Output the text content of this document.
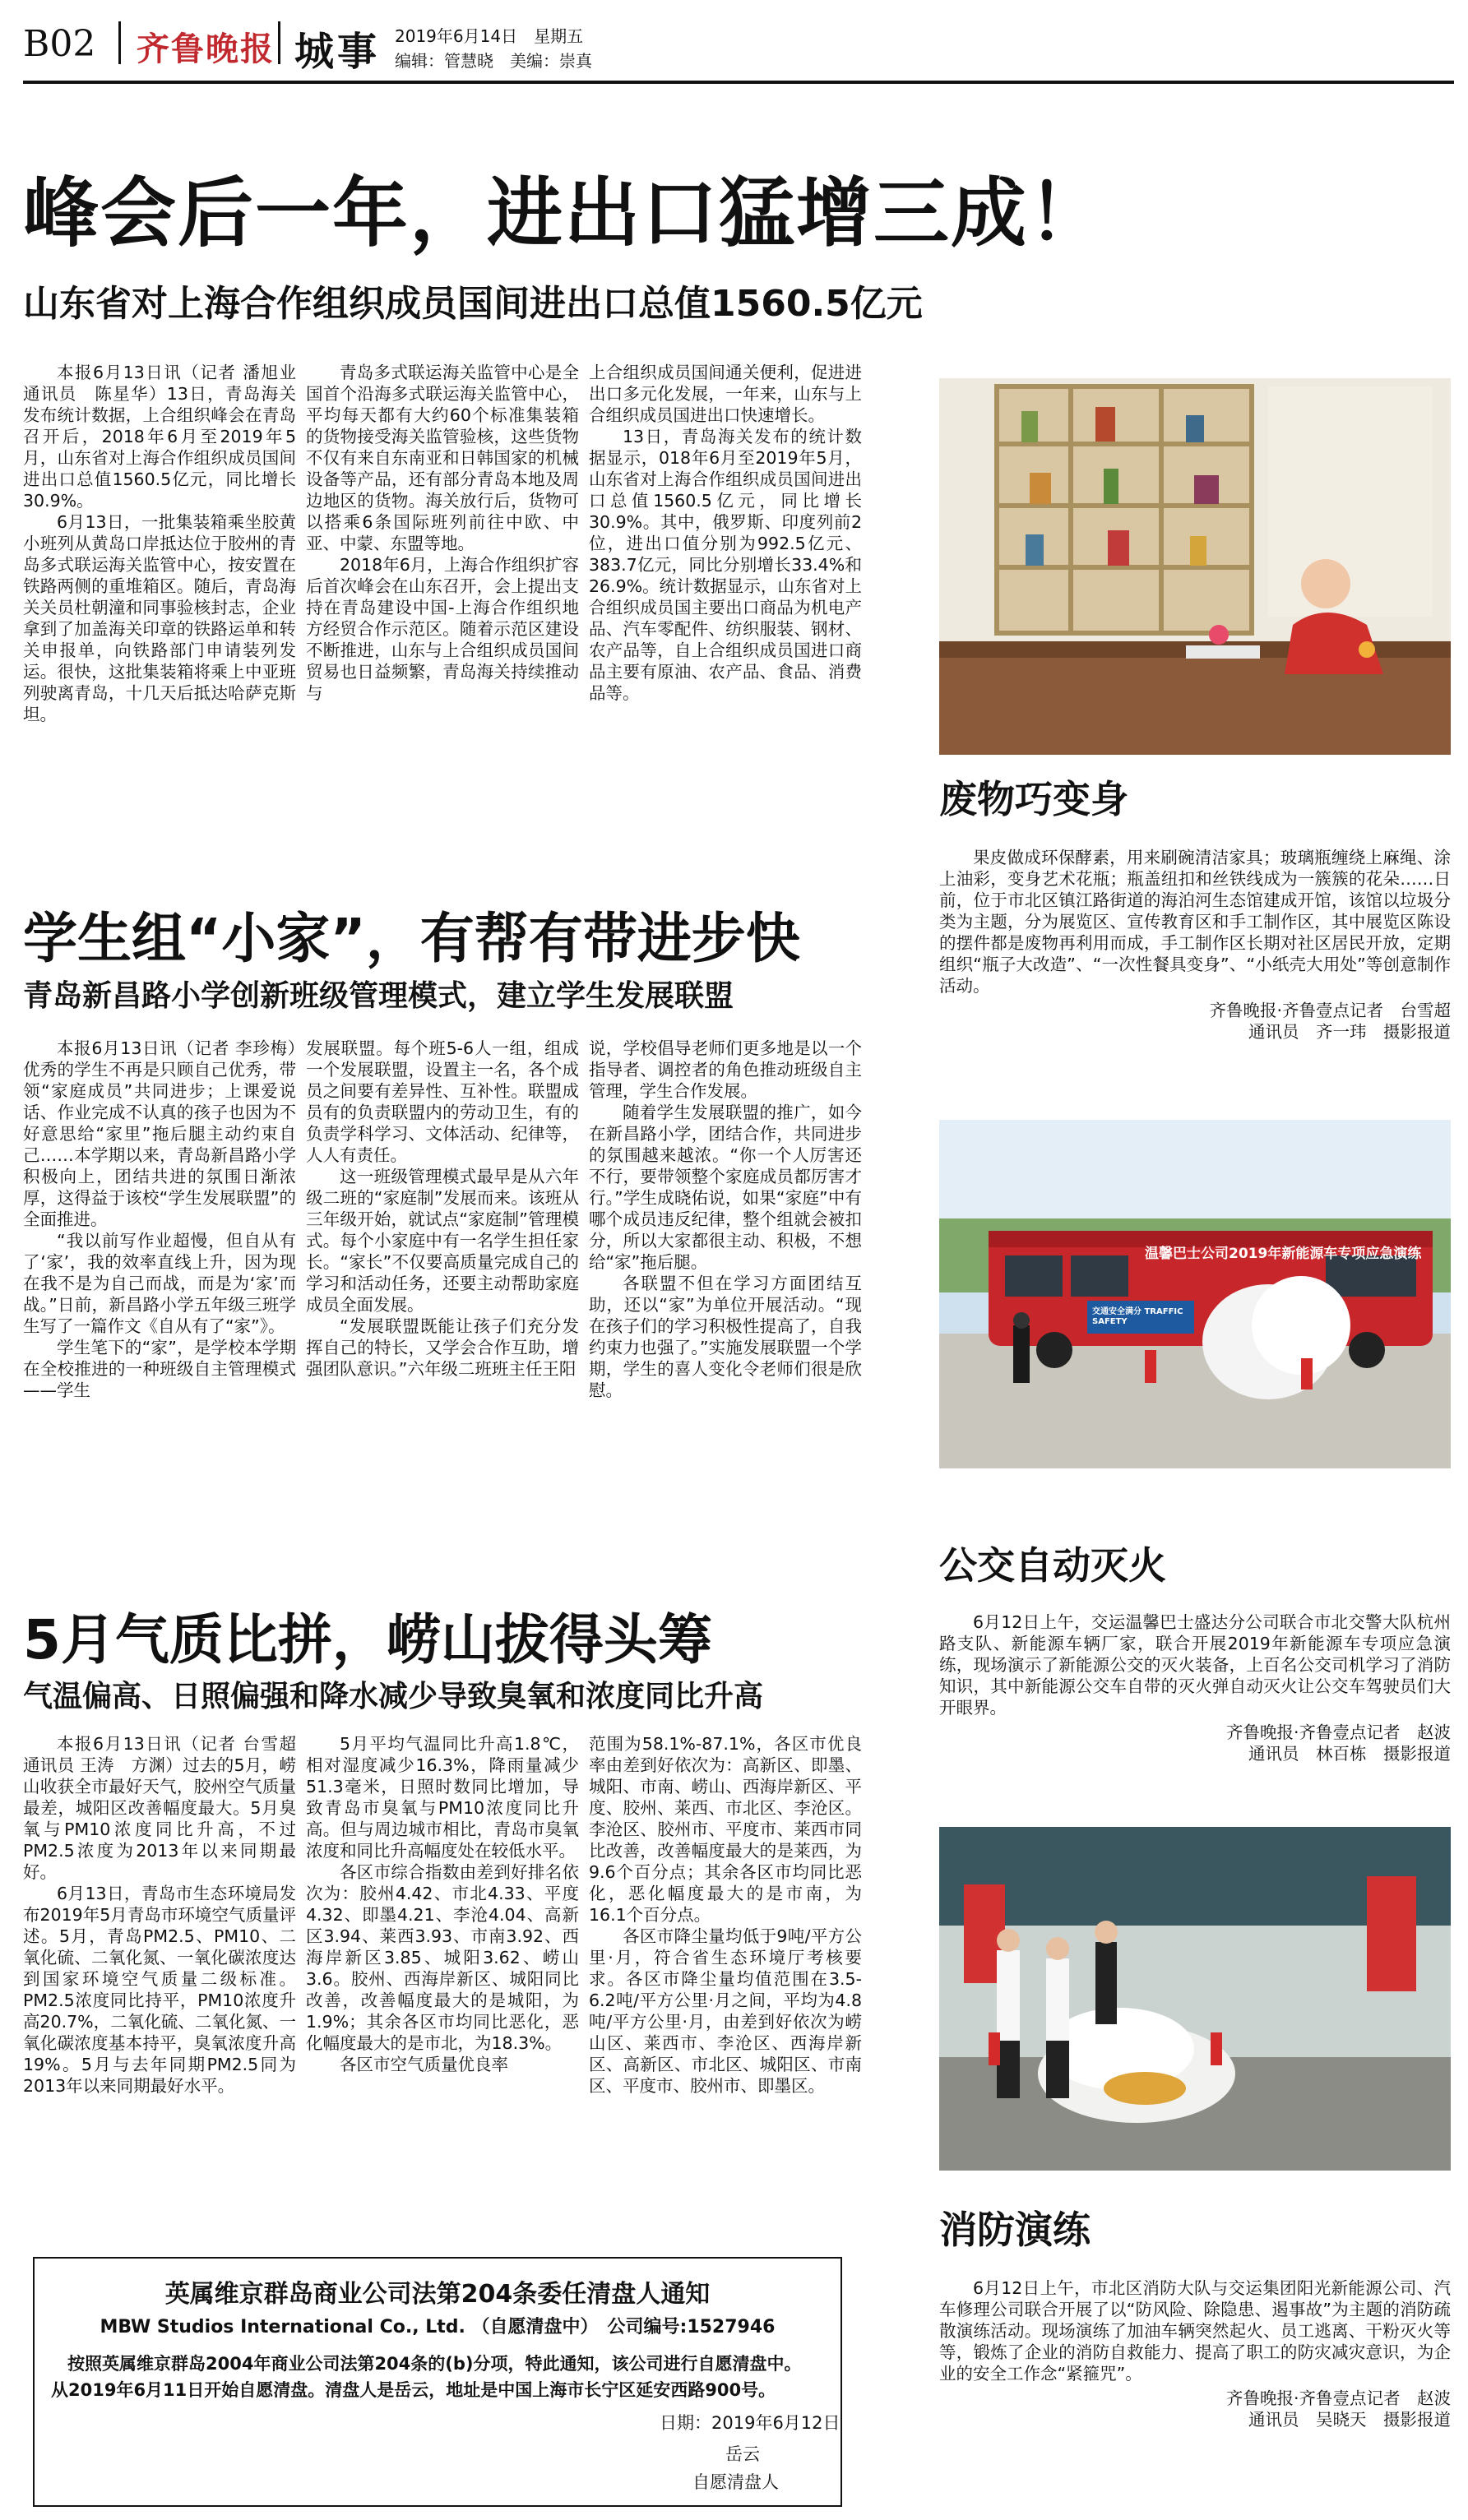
B02 齐鲁晚报 城事 2019年6月14日　星期五
编辑：管慧晓　美编：崇真
峰会后一年，进出口猛增三成！
山东省对上海合作组织成员国间进出口总值1560.5亿元

本报6月13日讯（记者 潘旭业　通讯员　陈星华）13日，青岛海关发布统计数据，上合组织峰会在青岛召开后，2018年6月至2019年5月，山东省对上海合作组织成员国间进出口总值1560.5亿元，同比增长30.9%。

6月13日，一批集装箱乘坐胶黄小班列从黄岛口岸抵达位于胶州的青岛多式联运海关监管中心，按安置在铁路两侧的重堆箱区。随后，青岛海关关员杜朝潼和同事验核封志，企业拿到了加盖海关印章的铁路运单和转关申报单，向铁路部门申请装列发运。很快，这批集装箱将乘上中亚班列驶离青岛，十几天后抵达哈萨克斯坦。

青岛多式联运海关监管中心是全国首个沿海多式联运海关监管中心，平均每天都有大约60个标准集装箱的货物接受海关监管验核，这些货物不仅有来自东南亚和日韩国家的机械设备等产品，还有部分青岛本地及周边地区的货物。海关放行后，货物可以搭乘6条国际班列前往中欧、中亚、中蒙、东盟等地。

2018年6月，上海合作组织扩容后首次峰会在山东召开，会上提出支持在青岛建设中国-上海合作组织地方经贸合作示范区。随着示范区建设不断推进，山东与上合组织成员国间贸易也日益频繁，青岛海关持续推动与

上合组织成员国间通关便利，促进进出口多元化发展，一年来，山东与上合组织成员国进出口快速增长。

13日，青岛海关发布的统计数据显示，018年6月至2019年5月，山东省对上海合作组织成员国间进出口总值1560.5亿元，同比增长30.9%。其中，俄罗斯、印度列前2位，进出口值分别为992.5亿元、383.7亿元，同比分别增长33.4%和26.9%。统计数据显示，山东省对上合组织成员国主要出口商品为机电产品、汽车零配件、纺织服装、钢材、农产品等，自上合组织成员国进口商品主要有原油、农产品、食品、消费品等。

学生组“小家”，有帮有带进步快
青岛新昌路小学创新班级管理模式，建立学生发展联盟

本报6月13日讯（记者 李珍梅）优秀的学生不再是只顾自己优秀，带领“家庭成员”共同进步；上课爱说话、作业完成不认真的孩子也因为不好意思给“家里”拖后腿主动约束自己……本学期以来，青岛新昌路小学积极向上，团结共进的氛围日渐浓厚，这得益于该校“学生发展联盟”的全面推进。

“我以前写作业超慢，但自从有了‘家’，我的效率直线上升，因为现在我不是为自己而战，而是为‘家’而战。”日前，新昌路小学五年级三班学生写了一篇作文《自从有了“家”》。

学生笔下的“家”，是学校本学期在全校推进的一种班级自主管理模式——学生

发展联盟。每个班5-6人一组，组成一个发展联盟，设置主一名，各个成员之间要有差异性、互补性。联盟成员有的负责联盟内的劳动卫生，有的负责学科学习、文体活动、纪律等，人人有责任。

这一班级管理模式最早是从六年级二班的“家庭制”发展而来。该班从三年级开始，就试点“家庭制”管理模式。每个小家庭中有一名学生担任家长。“家长”不仅要高质量完成自己的学习和活动任务，还要主动帮助家庭成员全面发展。

“发展联盟既能让孩子们充分发挥自己的特长，又学会合作互助，增强团队意识。”六年级二班班主任王阳

说，学校倡导老师们更多地是以一个指导者、调控者的角色推动班级自主管理，学生合作发展。

随着学生发展联盟的推广，如今在新昌路小学，团结合作，共同进步的氛围越来越浓。“你一个人厉害还不行，要带领整个家庭成员都厉害才行。”学生成晓佑说，如果“家庭”中有哪个成员违反纪律，整个组就会被扣分，所以大家都很主动、积极，不想给“家”拖后腿。

各联盟不但在学习方面团结互助，还以“家”为单位开展活动。“现在孩子们的学习积极性提高了，自我约束力也强了。”实施发展联盟一个学期，学生的喜人变化令老师们很是欣慰。

5月气质比拼，崂山拔得头筹
气温偏高、日照偏强和降水减少导致臭氧和浓度同比升高

本报6月13日讯（记者 台雪超　通讯员 王涛　方渊）过去的5月，崂山收获全市最好天气，胶州空气质量最差，城阳区改善幅度最大。5月臭氧与PM10浓度同比升高，不过PM2.5浓度为2013年以来同期最好。

6月13日，青岛市生态环境局发布2019年5月青岛市环境空气质量评述。5月，青岛PM2.5、PM10、二氧化硫、二氧化氮、一氧化碳浓度达到国家环境空气质量二级标准。PM2.5浓度同比持平，PM10浓度升高20.7%，二氧化硫、二氧化氮、一氧化碳浓度基本持平，臭氧浓度升高19%。5月与去年同期PM2.5同为2013年以来同期最好水平。

5月平均气温同比升高1.8℃，相对湿度减少16.3%，降雨量减少51.3毫米，日照时数同比增加，导致青岛市臭氧与PM10浓度同比升高。但与周边城市相比，青岛市臭氧浓度和同比升高幅度处在较低水平。

各区市综合指数由差到好排名依次为：胶州4.42、市北4.33、平度4.32、即墨4.21、李沧4.04、高新区3.94、莱西3.93、市南3.92、西海岸新区3.85、城阳3.62、崂山3.6。胶州、西海岸新区、城阳同比改善，改善幅度最大的是城阳，为1.9%；其余各区市均同比恶化，恶化幅度最大的是市北，为18.3%。

各区市空气质量优良率

范围为58.1%-87.1%，各区市优良率由差到好依次为：高新区、即墨、城阳、市南、崂山、西海岸新区、平度、胶州、莱西、市北区、李沧区。李沧区、胶州市、平度市、莱西市同比改善，改善幅度最大的是莱西，为9.6个百分点；其余各区市均同比恶化，恶化幅度最大的是市南，为16.1个百分点。

各区市降尘量均低于9吨/平方公里·月，符合省生态环境厅考核要求。各区市降尘量均值范围在3.5-6.2吨/平方公里·月之间，平均为4.8吨/平方公里·月，由差到好依次为崂山区、莱西市、李沧区、西海岸新区、高新区、市北区、城阳区、市南区、平度市、胶州市、即墨区。

英属维京群岛商业公司法第204条委任清盘人通知
MBW Studios International Co., Ltd. （自愿清盘中）　公司编号:1527946
按照英属维京群岛2004年商业公司法第204条的(b)分项，特此通知，该公司进行自愿清盘中。
从2019年6月11日开始自愿清盘。清盘人是岳云，地址是中国上海市长宁区延安西路900号。
日期：2019年6月12日
岳云
自愿清盘人
废物巧变身

果皮做成环保酵素，用来刷碗清洁家具；玻璃瓶缠绕上麻绳、涂上油彩，变身艺术花瓶；瓶盖纽扣和丝铁线成为一簇簇的花朵……日前，位于市北区镇江路街道的海泊河生态馆建成开馆，该馆以垃圾分类为主题，分为展览区、宣传教育区和手工制作区，其中展览区陈设的摆件都是废物再利用而成，手工制作区长期对社区居民开放，定期组织“瓶子大改造”、“一次性餐具变身”、“小纸壳大用处”等创意制作活动。

齐鲁晚报·齐鲁壹点记者　台雪超

通讯员　齐一玮　摄影报道

温馨巴士公司2019年新能源车专项应急演练
交通安全满分 TRAFFIC SAFETY
公交自动灭火

6月12日上午，交运温馨巴士盛达分公司联合市北交警大队杭州路支队、新能源车辆厂家，联合开展2019年新能源车专项应急演练，现场演示了新能源公交的灭火装备，上百名公交司机学习了消防知识，其中新能源公交车自带的灭火弹自动灭火让公交车驾驶员们大开眼界。

齐鲁晚报·齐鲁壹点记者　赵波

通讯员　林百栋　摄影报道

消防演练

6月12日上午，市北区消防大队与交运集团阳光新能源公司、汽车修理公司联合开展了以“防风险、除隐患、遏事故”为主题的消防疏散演练活动。现场演练了加油车辆突然起火、员工逃离、干粉灭火等等，锻炼了企业的消防自救能力、提高了职工的防灾减灾意识，为企业的安全工作念“紧箍咒”。

齐鲁晚报·齐鲁壹点记者　赵波

通讯员　吴晓天　摄影报道
